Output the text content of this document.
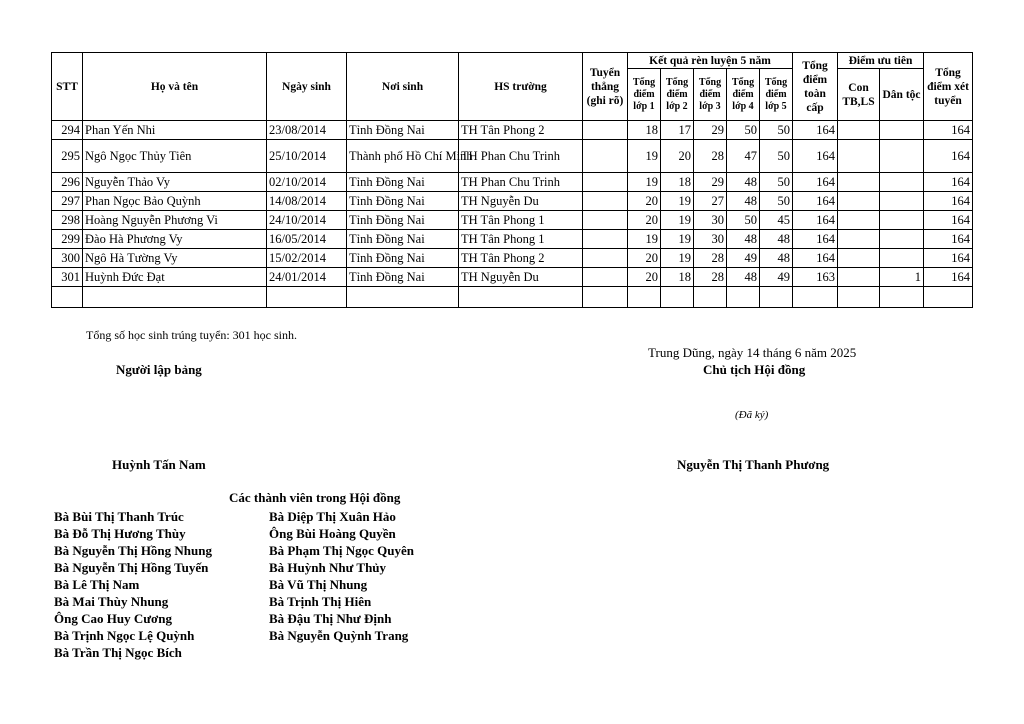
STT	Họ và tên	Ngày sinh	Nơi sinh	HS trường	Tuyển thẳng (ghi rõ)	Kết quả rèn luyện 5 năm					Tổng điểm toàn cấp	Điểm ưu tiên		Tổng điểm xét tuyển
						Tổng điểm lớp 1	Tổng điểm lớp 2	Tổng điểm lớp 3	Tổng điểm lớp 4	Tổng điểm lớp 5		Con TB,LS	Dân tộc	
294	Phan Yến Nhi	23/08/2014	Tỉnh Đồng Nai	TH Tân Phong 2		18	17	29	50	50	164			164
295	Ngô Ngọc Thủy Tiên	25/10/2014	Thành phố Hồ Chí Minh	TH Phan Chu Trinh		19	20	28	47	50	164			164
296	Nguyễn Thảo Vy	02/10/2014	Tỉnh Đồng Nai	TH Phan Chu Trinh		19	18	29	48	50	164			164
297	Phan Ngọc Bảo Quỳnh	14/08/2014	Tỉnh Đồng Nai	TH Nguyễn Du		20	19	27	48	50	164			164
298	Hoàng Nguyễn Phương Vi	24/10/2014	Tỉnh Đồng Nai	TH Tân Phong 1		20	19	30	50	45	164			164
299	Đào Hà Phương Vy	16/05/2014	Tỉnh Đồng Nai	TH Tân Phong 1		19	19	30	48	48	164			164
300	Ngô Hà Tường Vy	15/02/2014	Tỉnh Đồng Nai	TH Tân Phong 2		20	19	28	49	48	164			164
301	Huỳnh Đức Đạt	24/01/2014	Tỉnh Đồng Nai	TH Nguyễn Du		20	18	28	48	49	163		1	164

Tổng số học sinh trúng tuyển: 301 học sinh.
Trung Dũng, ngày 14 tháng 6 năm 2025
Người lập bảng	Chủ tịch Hội đồng
(Đã ký)
Huỳnh Tấn Nam	Nguyễn Thị Thanh Phương
Các thành viên trong Hội đồng
Bà Bùi Thị Thanh Trúc
Bà Đỗ Thị Hương Thùy
Bà Nguyễn Thị Hồng Nhung
Bà Nguyễn Thị Hồng Tuyến
Bà Lê Thị Nam
Bà Mai Thùy Nhung
Ông Cao Huy Cương
Bà Trịnh Ngọc Lệ Quỳnh
Bà Trần Thị Ngọc Bích
Bà Diệp Thị Xuân Hảo
Ông Bùi Hoàng Quyền
Bà Phạm Thị Ngọc Quyên
Bà Huỳnh Như Thủy
Bà Vũ Thị Nhung
Bà Trịnh Thị Hiên
Bà Đậu Thị Như Định
Bà Nguyễn Quỳnh Trang
